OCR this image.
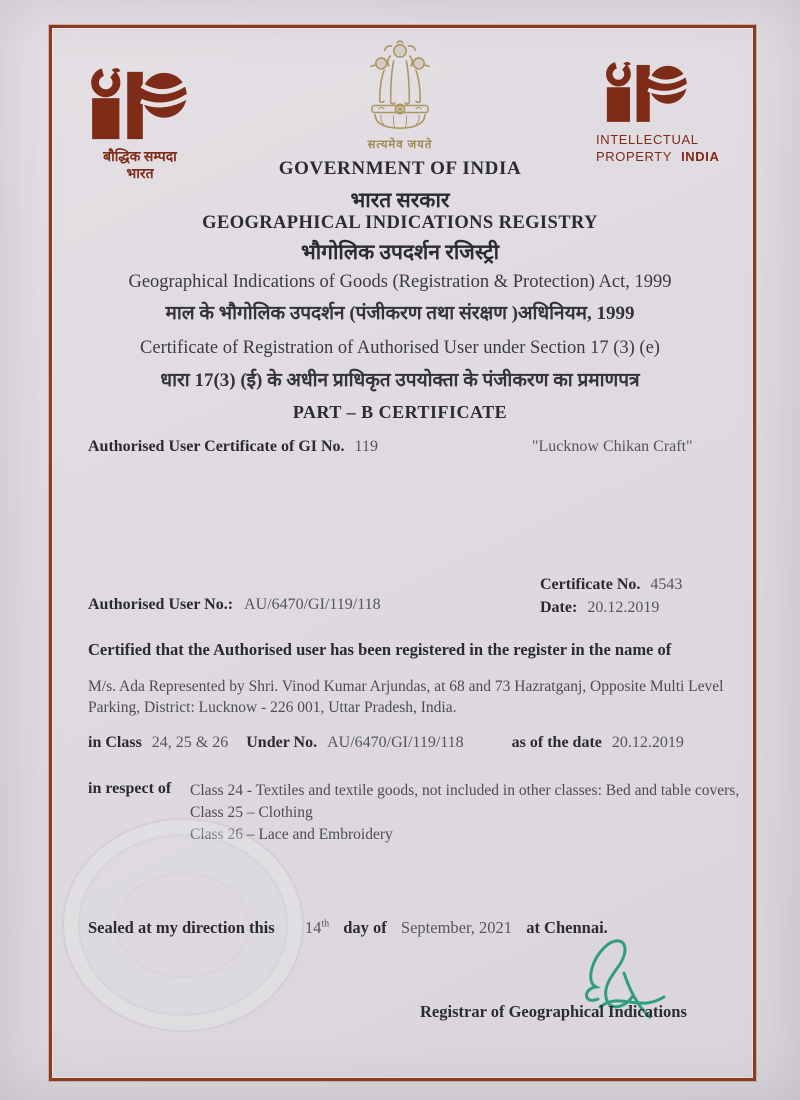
बौद्धिक सम्पदा
भारत
सत्यमेव जयते	INTELLECTUAL
PROPERTY INDIA
GOVERNMENT OF INDIA
भारत सरकार
GEOGRAPHICAL INDICATIONS REGISTRY
भौगोलिक उपदर्शन रजिस्ट्री
Geographical Indications of Goods (Registration & Protection) Act, 1999
माल के भौगोलिक उपदर्शन (पंजीकरण तथा संरक्षण )अधिनियम, 1999
Certificate of Registration of Authorised User under Section 17 (3) (e)
धारा 17(3) (ई) के अधीन प्राधिकृत उपयोक्ता के पंजीकरण का प्रमाणपत्र
PART – B CERTIFICATE
Authorised User Certificate of GI No. 119	"Lucknow Chikan Craft"
Certificate No. 4543
Date: 20.12.2019
Authorised User No.: AU/6470/GI/119/118
Certified that the Authorised user has been registered in the register in the name of
M/s. Ada Represented by Shri. Vinod Kumar Arjundas, at 68 and 73 Hazratganj, Opposite Multi Level Parking, District: Lucknow - 226 001, Uttar Pradesh, India.
in Class 24, 25 & 26 Under No. AU/6470/GI/119/118	as of the date 20.12.2019
in respect of Class 24 - Textiles and textile goods, not included in other classes: Bed and table covers,
Class 25 – Clothing
Class 26 – Lace and Embroidery
Sealed at my direction this 14th day of September, 2021 at Chennai.
Registrar of Geographical Indications
